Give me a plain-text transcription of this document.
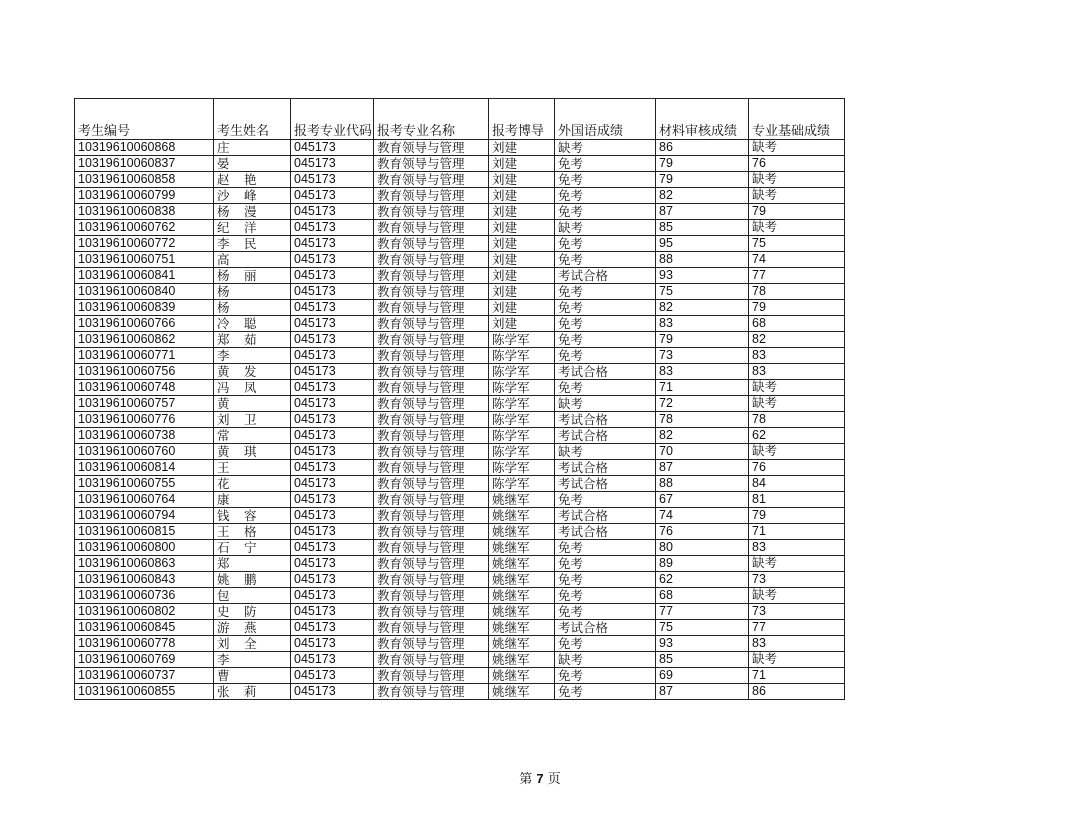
考生编号	考生姓名	报考专业代码	报考专业名称	报考博导	外国语成绩	材料审核成绩	专业基础成绩
10319610060868	庄	045173	教育领导与管理	刘建	缺考	86	缺考
10319610060837	晏	045173	教育领导与管理	刘建	免考	79	76
10319610060858	赵　艳	045173	教育领导与管理	刘建	免考	79	缺考
10319610060799	沙　峰	045173	教育领导与管理	刘建	免考	82	缺考
10319610060838	杨　漫	045173	教育领导与管理	刘建	免考	87	79
10319610060762	纪　洋	045173	教育领导与管理	刘建	缺考	85	缺考
10319610060772	李　民	045173	教育领导与管理	刘建	免考	95	75
10319610060751	高	045173	教育领导与管理	刘建	免考	88	74
10319610060841	杨　丽	045173	教育领导与管理	刘建	考试合格	93	77
10319610060840	杨	045173	教育领导与管理	刘建	免考	75	78
10319610060839	杨	045173	教育领导与管理	刘建	免考	82	79
10319610060766	冷　聪	045173	教育领导与管理	刘建	免考	83	68
10319610060862	郑　茹	045173	教育领导与管理	陈学军	免考	79	82
10319610060771	李	045173	教育领导与管理	陈学军	免考	73	83
10319610060756	黄　发	045173	教育领导与管理	陈学军	考试合格	83	83
10319610060748	冯　凤	045173	教育领导与管理	陈学军	免考	71	缺考
10319610060757	黄	045173	教育领导与管理	陈学军	缺考	72	缺考
10319610060776	刘　卫	045173	教育领导与管理	陈学军	考试合格	78	78
10319610060738	常	045173	教育领导与管理	陈学军	考试合格	82	62
10319610060760	黄　琪	045173	教育领导与管理	陈学军	缺考	70	缺考
10319610060814	王	045173	教育领导与管理	陈学军	考试合格	87	76
10319610060755	花	045173	教育领导与管理	陈学军	考试合格	88	84
10319610060764	康	045173	教育领导与管理	姚继军	免考	67	81
10319610060794	钱　容	045173	教育领导与管理	姚继军	考试合格	74	79
10319610060815	王　格	045173	教育领导与管理	姚继军	考试合格	76	71
10319610060800	石　宁	045173	教育领导与管理	姚继军	免考	80	83
10319610060863	郑	045173	教育领导与管理	姚继军	免考	89	缺考
10319610060843	姚　鹏	045173	教育领导与管理	姚继军	免考	62	73
10319610060736	包	045173	教育领导与管理	姚继军	免考	68	缺考
10319610060802	史　防	045173	教育领导与管理	姚继军	免考	77	73
10319610060845	游　燕	045173	教育领导与管理	姚继军	考试合格	75	77
10319610060778	刘　全	045173	教育领导与管理	姚继军	免考	93	83
10319610060769	李	045173	教育领导与管理	姚继军	缺考	85	缺考
10319610060737	曹	045173	教育领导与管理	姚继军	免考	69	71
10319610060855	张　莉	045173	教育领导与管理	姚继军	免考	87	86
第 7 页
